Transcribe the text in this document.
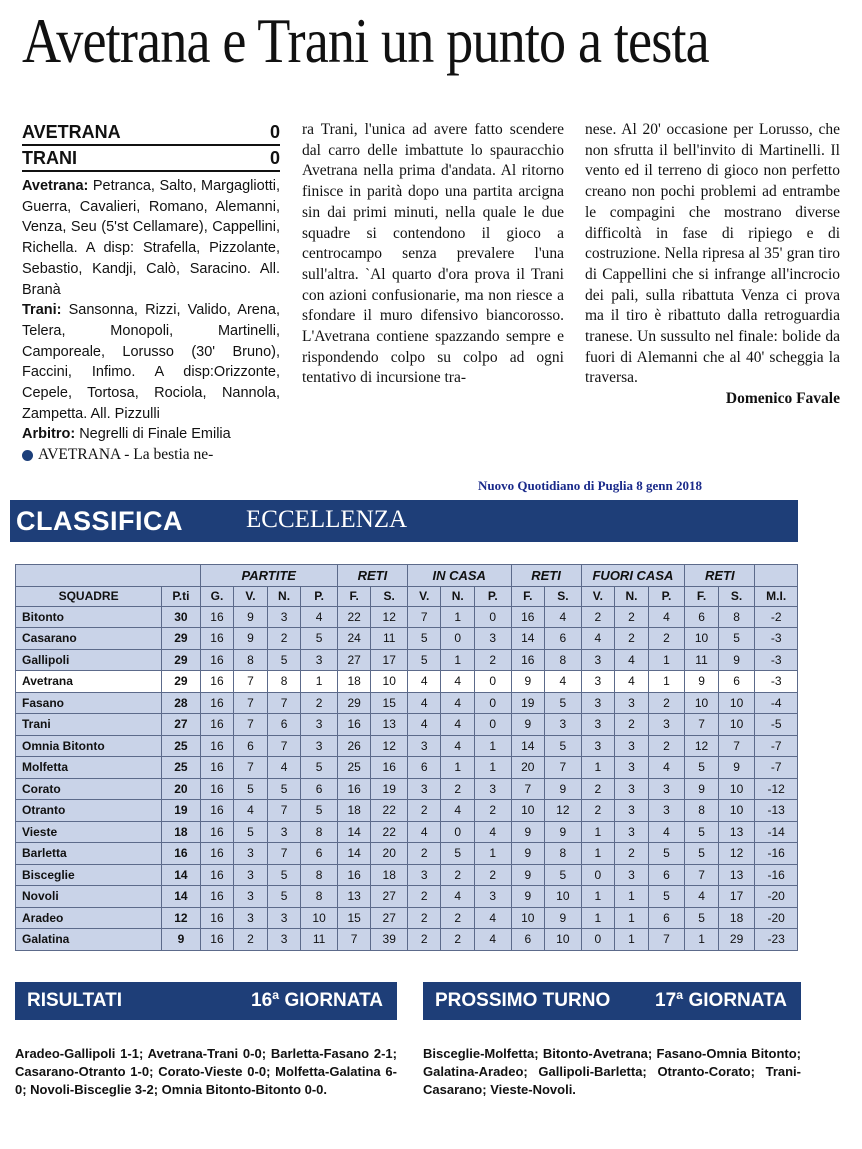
Avetrana e Trani un punto a testa
AVETRANA	0
TRANI	0
Avetrana: Petranca, Salto, Margagliotti, Guerra, Cavalieri, Romano, Alemanni, Venza, Seu (5'st Cellamare), Cappellini, Richella. A disp: Strafella, Pizzolante, Sebastio, Kandji, Calò, Saracino. All. Branà
Trani: Sansonna, Rizzi, Valido, Arena, Telera, Monopoli, Martinelli, Camporeale, Lorusso (30' Bruno), Faccini, Infimo. A disp:Orizzonte, Cepele, Tortosa, Rociola, Nannola, Zampetta. All. Pizzulli
Arbitro: Negrelli di Finale Emilia
AVETRANA - La bestia ne-
ra Trani, l'unica ad avere fatto scendere dal carro delle imbattute lo spauracchio Avetrana nella prima d'andata. Al ritorno finisce in parità dopo una partita arcigna sin dai primi minuti, nella quale le due squadre si contendono il gioco a centrocampo senza prevalere l'una sull'altra. `Al quarto d'ora prova il Trani con azioni confusionarie, ma non riesce a sfondare il muro difensivo biancorosso. L'Avetrana contiene spazzando sempre e rispondendo colpo su colpo ad ogni tentativo di incursione tra-
nese. Al 20' occasione per Lorusso, che non sfrutta il bell'invito di Martinelli. Il vento ed il terreno di gioco non perfetto creano non pochi problemi ad entrambe le compagini che mostrano diverse difficoltà in fase di ripiego e di costruzione. Nella ripresa al 35' gran tiro di Cappellini che si infrange all'incrocio dei pali, sulla ribattuta Venza ci prova ma il tiro è ribattuto dalla retroguardia tranese. Un sussulto nel finale: bolide da fuori di Alemanni che al 40' scheggia la traversa.
Domenico Favale
Nuovo Quotidiano di Puglia 8 genn 2018
CLASSIFICA	ECCELLENZA
		PARTITE				RETI		IN CASA			RETI		FUORI CASA			RETI		
SQUADRE	P.ti	G.	V.	N.	P.	F.	S.	V.	N.	P.	F.	S.	V.	N.	P.	F.	S.	M.I.
Bitonto	30	16	9	3	4	22	12	7	1	0	16	4	2	2	4	6	8	-2
Casarano	29	16	9	2	5	24	11	5	0	3	14	6	4	2	2	10	5	-3
Gallipoli	29	16	8	5	3	27	17	5	1	2	16	8	3	4	1	11	9	-3
Avetrana	29	16	7	8	1	18	10	4	4	0	9	4	3	4	1	9	6	-3
Fasano	28	16	7	7	2	29	15	4	4	0	19	5	3	3	2	10	10	-4
Trani	27	16	7	6	3	16	13	4	4	0	9	3	3	2	3	7	10	-5
Omnia Bitonto	25	16	6	7	3	26	12	3	4	1	14	5	3	3	2	12	7	-7
Molfetta	25	16	7	4	5	25	16	6	1	1	20	7	1	3	4	5	9	-7
Corato	20	16	5	5	6	16	19	3	2	3	7	9	2	3	3	9	10	-12
Otranto	19	16	4	7	5	18	22	2	4	2	10	12	2	3	3	8	10	-13
Vieste	18	16	5	3	8	14	22	4	0	4	9	9	1	3	4	5	13	-14
Barletta	16	16	3	7	6	14	20	2	5	1	9	8	1	2	5	5	12	-16
Bisceglie	14	16	3	5	8	16	18	3	2	2	9	5	0	3	6	7	13	-16
Novoli	14	16	3	5	8	13	27	2	4	3	9	10	1	1	5	4	17	-20
Aradeo	12	16	3	3	10	15	27	2	2	4	10	9	1	1	6	5	18	-20
Galatina	9	16	2	3	11	7	39	2	2	4	6	10	0	1	7	1	29	-23
RISULTATI	16ª GIORNATA	PROSSIMO TURNO 17ª GIORNATA
Aradeo-Gallipoli 1-1; Avetrana-Trani 0-0; Barletta-Fasano 2-1; Casarano-Otranto 1-0; Corato-Vieste 0-0; Molfetta-Galatina 6-0; Novoli-Bisceglie 3-2; Omnia Bitonto-Bitonto 0-0.
Bisceglie-Molfetta; Bitonto-Avetrana; Fasano-Omnia Bitonto; Galatina-Aradeo; Gallipoli-Barletta; Otranto-Corato; Trani-Casarano; Vieste-Novoli.
